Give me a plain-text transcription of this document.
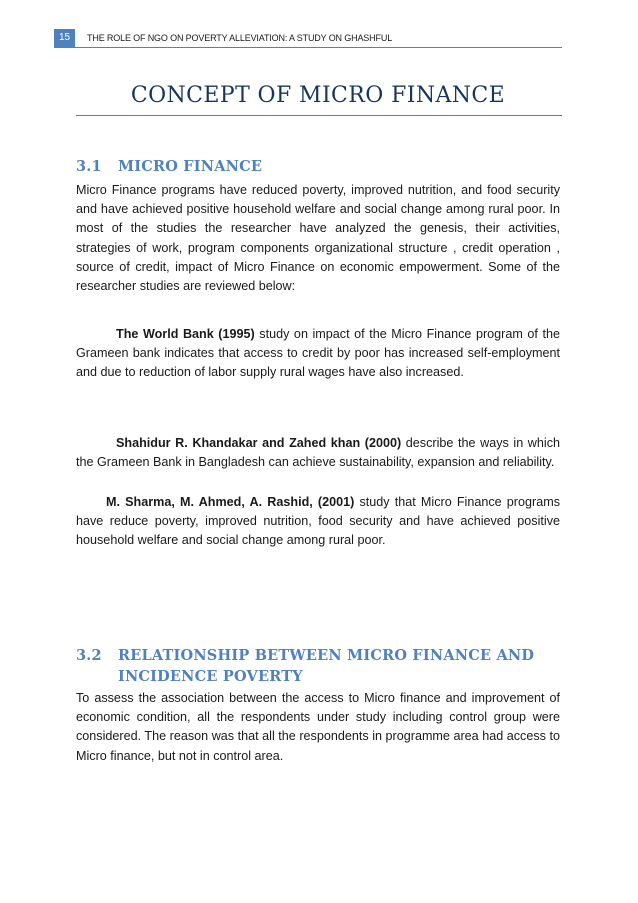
15	THE ROLE OF NGO ON POVERTY ALLEVIATION: A STUDY ON GHASHFUL
CONCEPT OF MICRO FINANCE
3.1 MICRO FINANCE

Micro Finance programs have reduced poverty, improved nutrition, and food security and have achieved positive household welfare and social change among rural poor. In most of the studies the researcher have analyzed the genesis, their activities, strategies of work, program components organizational structure , credit operation , source of credit, impact of Micro Finance on economic empowerment. Some of the researcher studies are reviewed below:

The World Bank (1995) study on impact of the Micro Finance program of the Grameen bank indicates that access to credit by poor has increased self-employment and due to reduction of labor supply rural wages have also increased.

Shahidur R. Khandakar and Zahed khan (2000) describe the ways in which the Grameen Bank in Bangladesh can achieve sustainability, expansion and reliability.

M. Sharma, M. Ahmed, A. Rashid, (2001) study that Micro Finance programs have reduce poverty, improved nutrition, food security and have achieved positive household welfare and social change among rural poor.

3.2 RELATIONSHIP BETWEEN MICRO FINANCE AND
INCIDENCE POVERTY

To assess the association between the access to Micro finance and improvement of economic condition, all the respondents under study including control group were considered. The reason was that all the respondents in programme area had access to Micro finance, but not in control area.
